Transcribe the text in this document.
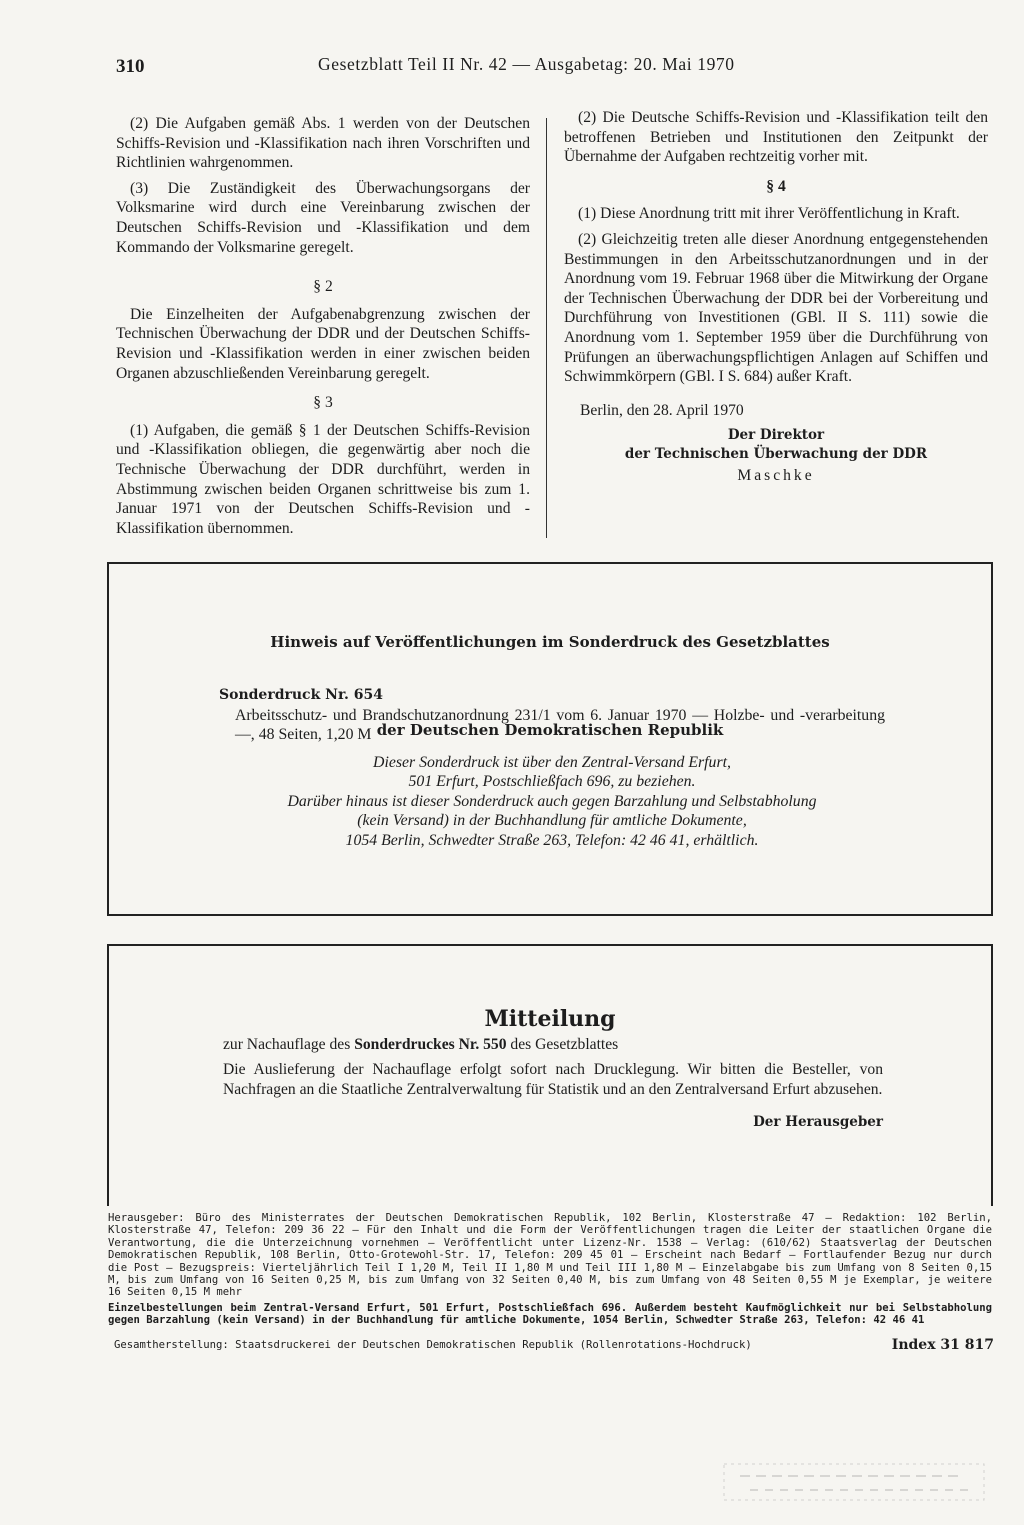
310	Gesetzblatt Teil II Nr. 42 — Ausgabetag: 20. Mai 1970

(2) Die Aufgaben gemäß Abs. 1 werden von der Deutschen Schiffs-Revision und -Klassifikation nach ihren Vorschriften und Richtlinien wahrgenommen.

(3) Die Zuständigkeit des Überwachungsorgans der Volksmarine wird durch eine Vereinbarung zwischen der Deutschen Schiffs-Revision und -Klassifikation und dem Kommando der Volksmarine geregelt.

§ 2

Die Einzelheiten der Aufgabenabgrenzung zwischen der Technischen Überwachung der DDR und der Deutschen Schiffs-Revision und -Klassifikation werden in einer zwischen beiden Organen abzuschließenden Vereinbarung geregelt.

§ 3

(1) Aufgaben, die gemäß § 1 der Deutschen Schiffs-Revision und -Klassifikation obliegen, die gegenwärtig aber noch die Technische Überwachung der DDR durchführt, werden in Abstimmung zwischen beiden Organen schrittweise bis zum 1. Januar 1971 von der Deutschen Schiffs-Revision und -Klassifikation übernommen.

(2) Die Deutsche Schiffs-Revision und -Klassifikation teilt den betroffenen Betrieben und Institutionen den Zeitpunkt der Übernahme der Aufgaben rechtzeitig vorher mit.

§ 4

(1) Diese Anordnung tritt mit ihrer Veröffentlichung in Kraft.

(2) Gleichzeitig treten alle dieser Anordnung entgegenstehenden Bestimmungen in den Arbeitsschutzanordnungen und in der Anordnung vom 19. Februar 1968 über die Mitwirkung der Organe der Technischen Überwachung der DDR bei der Vorbereitung und Durchführung von Investitionen (GBl. II S. 111) sowie die Anordnung vom 1. September 1959 über die Durchführung von Prüfungen an überwachungspflichtigen Anlagen auf Schiffen und Schwimmkörpern (GBl. I S. 684) außer Kraft.

Berlin, den 28. April 1970
Der Direktor
der Technischen Überwachung der DDR
Maschke
Hinweis auf Veröffentlichungen im Sonderdruck des Gesetzblattes
der Deutschen Demokratischen Republik
Sonderdruck Nr. 654
Arbeitsschutz- und Brandschutzanordnung 231/1 vom 6. Januar 1970 — Holzbe- und -verarbeitung —, 48 Seiten, 1,20 M
Dieser Sonderdruck ist über den Zentral-Versand Erfurt,
501 Erfurt, Postschließfach 696, zu beziehen.
Darüber hinaus ist dieser Sonderdruck auch gegen Barzahlung und Selbstabholung
(kein Versand) in der Buchhandlung für amtliche Dokumente,
1054 Berlin, Schwedter Straße 263, Telefon: 42 46 41, erhältlich.
Mitteilung
zur Nachauflage des Sonderdruckes Nr. 550 des Gesetzblattes
Die Auslieferung der Nachauflage erfolgt sofort nach Drucklegung. Wir bitten die Besteller, von Nachfragen an die Staatliche Zentralverwaltung für Statistik und an den Zentralversand Erfurt abzusehen.
Der Herausgeber

Herausgeber: Büro des Ministerrates der Deutschen Demokratischen Republik, 102 Berlin, Klosterstraße 47 — Redaktion: 102 Berlin, Klosterstraße 47, Telefon: 209 36 22 — Für den Inhalt und die Form der Veröffentlichungen tragen die Leiter der staatlichen Organe die Verantwortung, die die Unterzeichnung vornehmen — Veröffentlicht unter Lizenz-Nr. 1538 — Verlag: (610/62) Staatsverlag der Deutschen Demokratischen Republik, 108 Berlin, Otto-Grotewohl-Str. 17, Telefon: 209 45 01 — Erscheint nach Bedarf — Fortlaufender Bezug nur durch die Post — Bezugspreis: Vierteljährlich Teil I 1,20 M, Teil II 1,80 M und Teil III 1,80 M — Einzelabgabe bis zum Umfang von 8 Seiten 0,15 M, bis zum Umfang von 16 Seiten 0,25 M, bis zum Umfang von 32 Seiten 0,40 M, bis zum Umfang von 48 Seiten 0,55 M je Exemplar, je weitere 16 Seiten 0,15 M mehr

Einzelbestellungen beim Zentral-Versand Erfurt, 501 Erfurt, Postschließfach 696. Außerdem besteht Kaufmöglichkeit nur bei Selbstabholung gegen Barzahlung (kein Versand) in der Buchhandlung für amtliche Dokumente, 1054 Berlin, Schwedter Straße 263, Telefon: 42 46 41

Gesamtherstellung: Staatsdruckerei der Deutschen Demokratischen Republik (Rollenrotations-Hochdruck)	Index 31 817
